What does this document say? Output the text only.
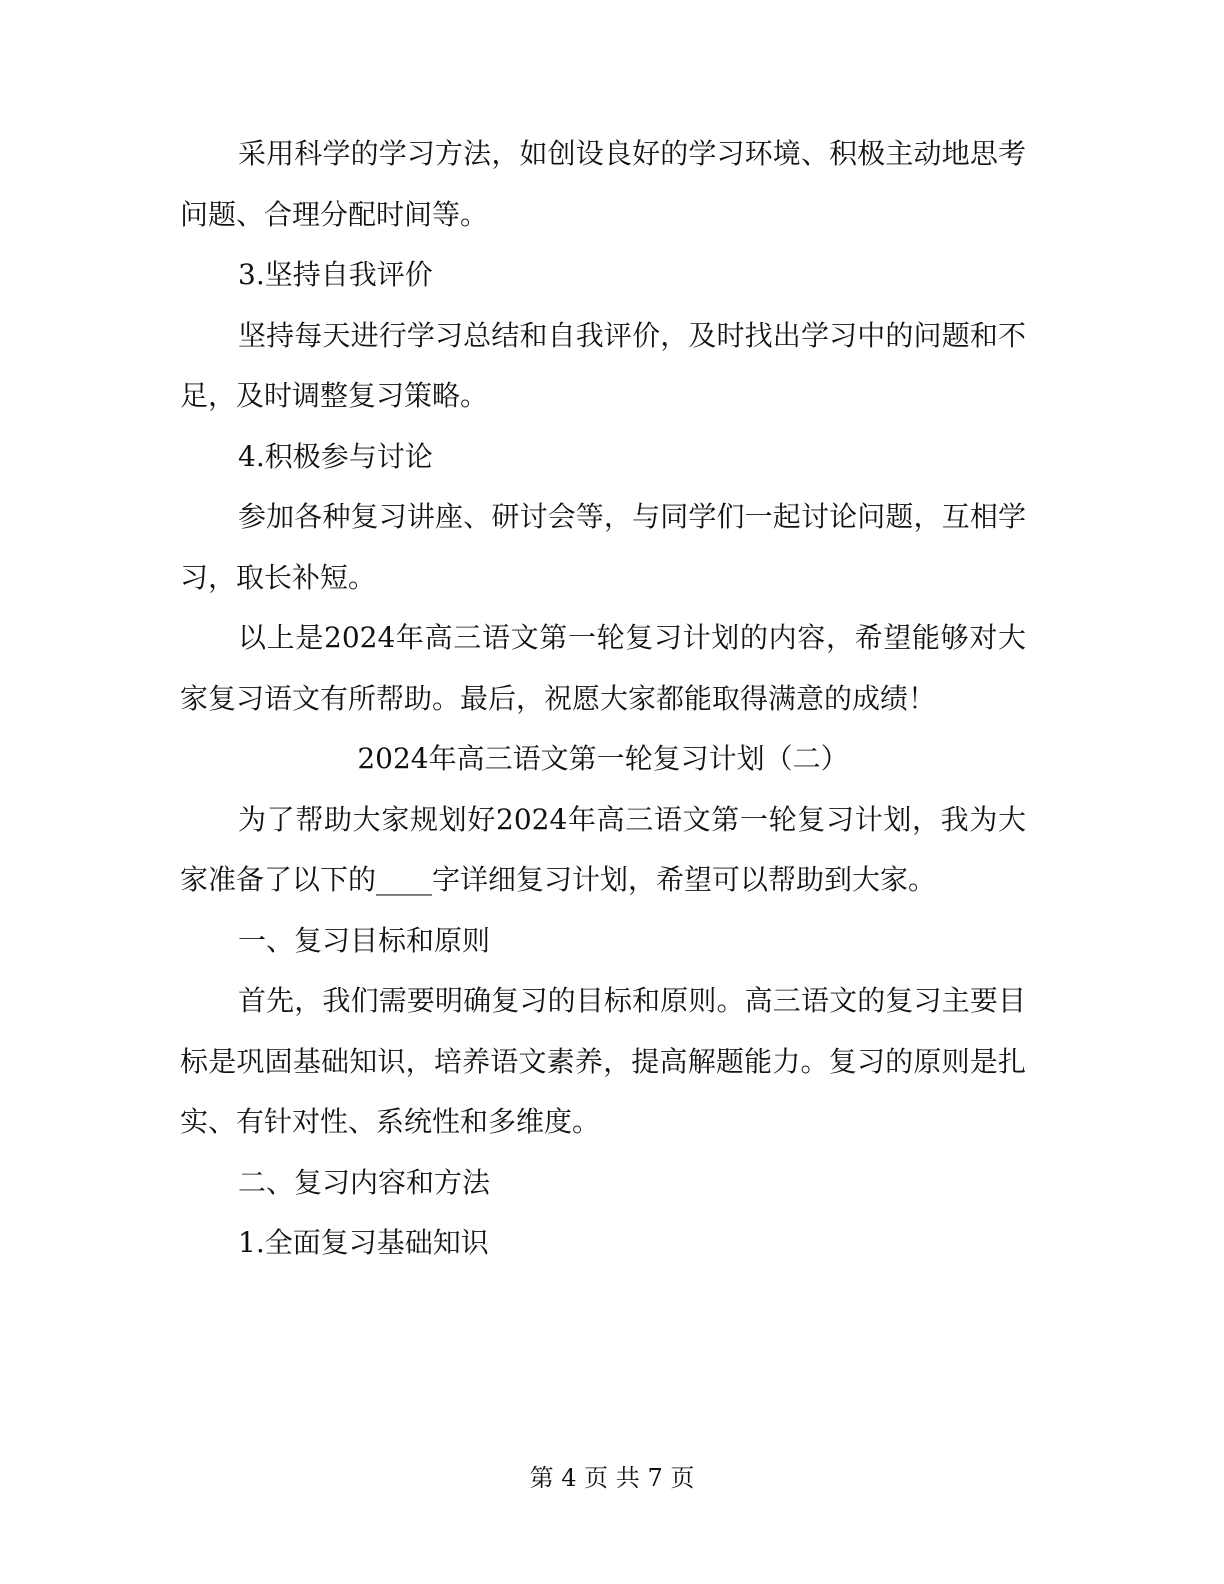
采用科学的学习方法，如创设良好的学习环境、积极主动地思考问题、合理分配时间等。

3.坚持自我评价

坚持每天进行学习总结和自我评价，及时找出学习中的问题和不足，及时调整复习策略。

4.积极参与讨论

参加各种复习讲座、研讨会等，与同学们一起讨论问题，互相学习，取长补短。

以上是2024年高三语文第一轮复习计划的内容，希望能够对大家复习语文有所帮助。最后，祝愿大家都能取得满意的成绩！

2024年高三语文第一轮复习计划（二）

为了帮助大家规划好2024年高三语文第一轮复习计划，我为大家准备了以下的____字详细复习计划，希望可以帮助到大家。

一、复习目标和原则

首先，我们需要明确复习的目标和原则。高三语文的复习主要目标是巩固基础知识，培养语文素养，提高解题能力。复习的原则是扎实、有针对性、系统性和多维度。

二、复习内容和方法

1.全面复习基础知识

第 4 页 共 7 页
